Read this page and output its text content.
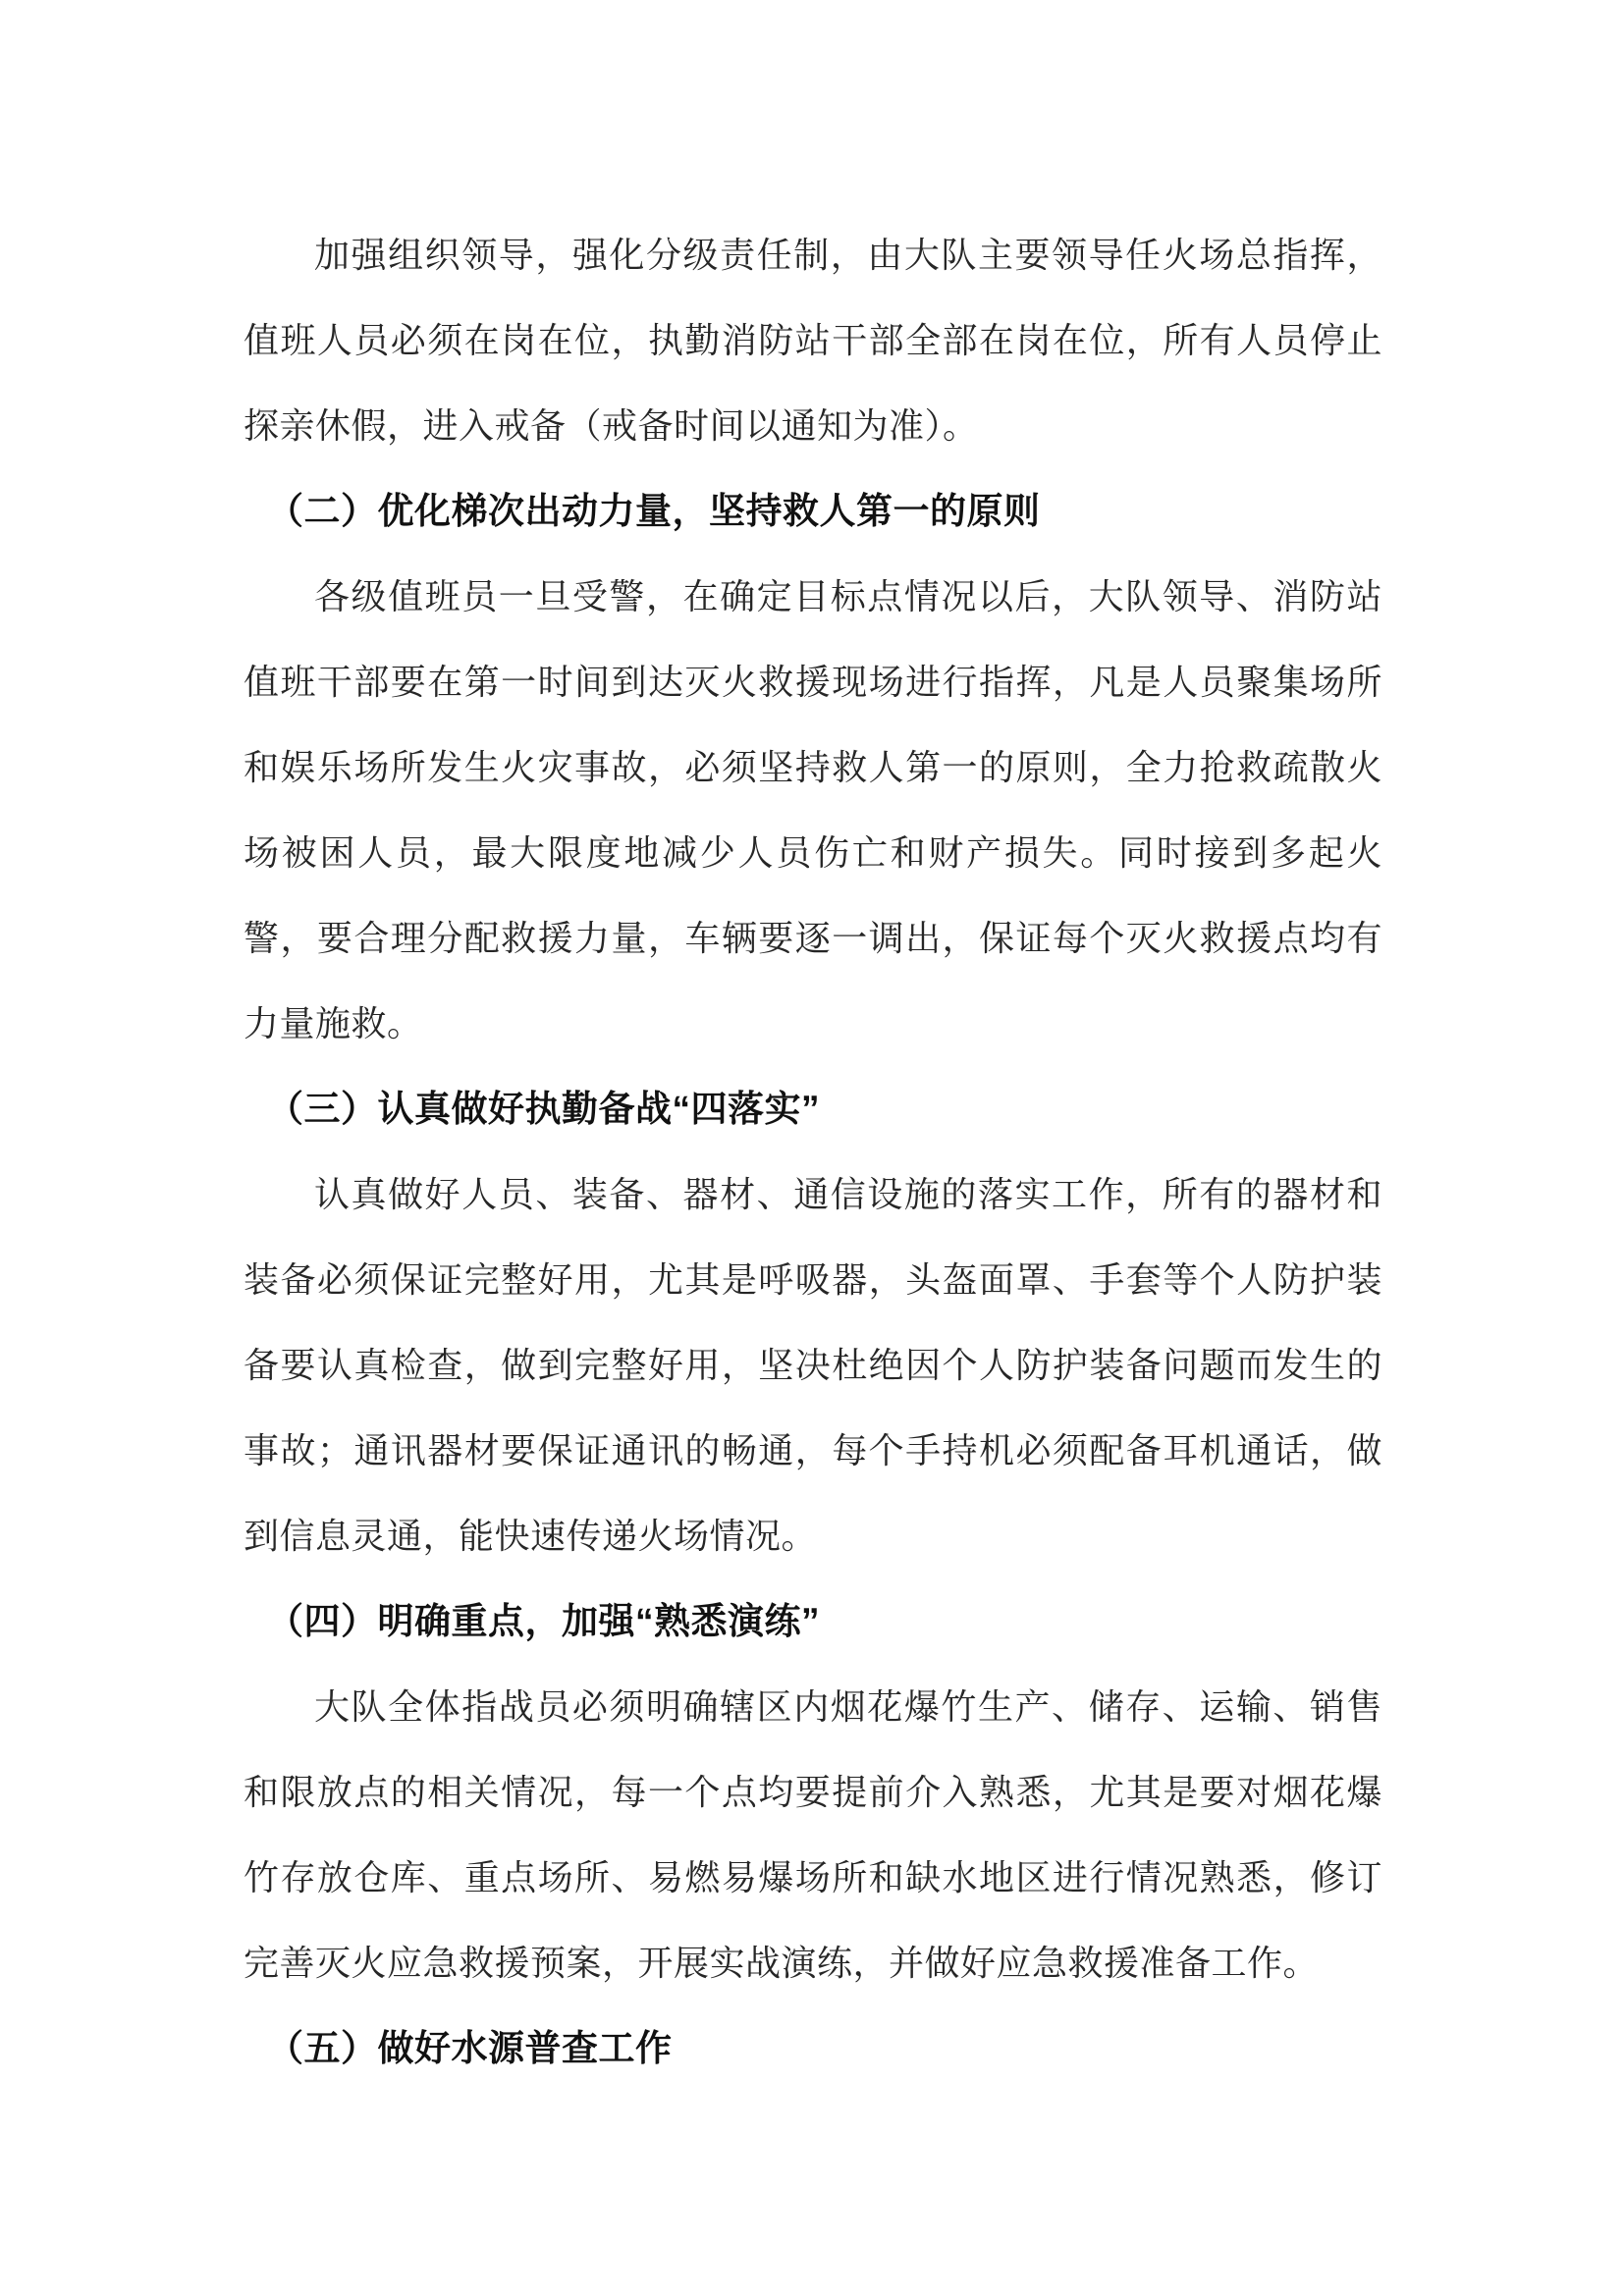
加强组织领导，强化分级责任制，由大队主要领导任火场总指挥，值班人员必须在岗在位，执勤消防站干部全部在岗在位，所有人员停止探亲休假，进入戒备（戒备时间以通知为准）。

（二）优化梯次出动力量，坚持救人第一的原则

各级值班员一旦受警，在确定目标点情况以后，大队领导、消防站值班干部要在第一时间到达灭火救援现场进行指挥，凡是人员聚集场所和娱乐场所发生火灾事故，必须坚持救人第一的原则，全力抢救疏散火场被困人员，最大限度地减少人员伤亡和财产损失。同时接到多起火警，要合理分配救援力量，车辆要逐一调出，保证每个灭火救援点均有力量施救。

（三）认真做好执勤备战“四落实”

认真做好人员、装备、器材、通信设施的落实工作，所有的器材和装备必须保证完整好用，尤其是呼吸器，头盔面罩、手套等个人防护装备要认真检查，做到完整好用，坚决杜绝因个人防护装备问题而发生的事故；通讯器材要保证通讯的畅通，每个手持机必须配备耳机通话，做到信息灵通，能快速传递火场情况。

（四）明确重点，加强“熟悉演练”

大队全体指战员必须明确辖区内烟花爆竹生产、储存、运输、销售和限放点的相关情况，每一个点均要提前介入熟悉，尤其是要对烟花爆竹存放仓库、重点场所、易燃易爆场所和缺水地区进行情况熟悉，修订完善灭火应急救援预案，开展实战演练，并做好应急救援准备工作。

（五）做好水源普查工作
